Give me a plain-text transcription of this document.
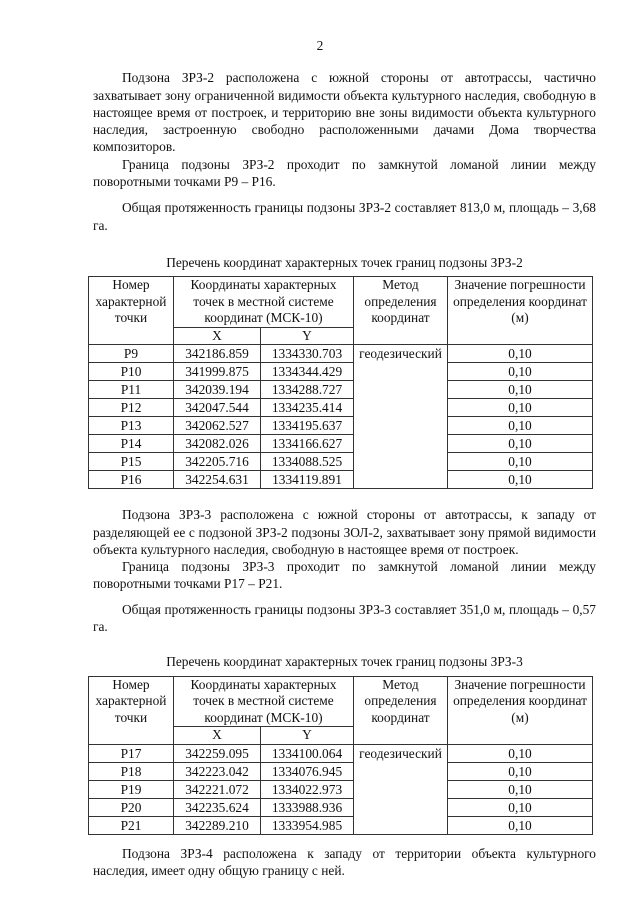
2

Подзона ЗРЗ-2 расположена с южной стороны от автотрассы, частично захватывает зону ограниченной видимости объекта культурного наследия, свободную в настоящее время от построек, и территорию вне зоны видимости объекта культурного наследия, застроенную свободно расположенными дачами Дома творчества композиторов.

Граница подзоны ЗРЗ-2 проходит по замкнутой ломаной линии между поворотными точками Р9 – Р16.

Общая протяженность границы подзоны ЗРЗ-2 составляет 813,0 м, площадь – 3,68 га.

Перечень координат характерных точек границ подзоны ЗРЗ-2
Номер характерной точки	Координаты характерных точек в местной системе координат (МСК-10)		Метод определения координат	Значение погрешности определения координат (м)
	X	Y		
Р9	342186.859	1334330.703	геодезический	0,10
Р10	341999.875	1334344.429		0,10
Р11	342039.194	1334288.727		0,10
Р12	342047.544	1334235.414		0,10
Р13	342062.527	1334195.637		0,10
Р14	342082.026	1334166.627		0,10
Р15	342205.716	1334088.525		0,10
Р16	342254.631	1334119.891		0,10

Подзона ЗРЗ-3 расположена с южной стороны от автотрассы, к западу от разделяющей ее с подзоной ЗРЗ-2 подзоны ЗОЛ-2, захватывает зону прямой видимости объекта культурного наследия, свободную в настоящее время от построек.

Граница подзоны ЗРЗ-3 проходит по замкнутой ломаной линии между поворотными точками Р17 – Р21.

Общая протяженность границы подзоны ЗРЗ-3 составляет 351,0 м, площадь – 0,57 га.

Перечень координат характерных точек границ подзоны ЗРЗ-3
Номер характерной точки	Координаты характерных точек в местной системе координат (МСК-10)		Метод определения координат	Значение погрешности определения координат (м)
	X	Y		
Р17	342259.095	1334100.064	геодезический	0,10
Р18	342223.042	1334076.945		0,10
Р19	342221.072	1334022.973		0,10
Р20	342235.624	1333988.936		0,10
Р21	342289.210	1333954.985		0,10

Подзона ЗРЗ-4 расположена к западу от территории объекта культурного наследия, имеет одну общую границу с ней.
